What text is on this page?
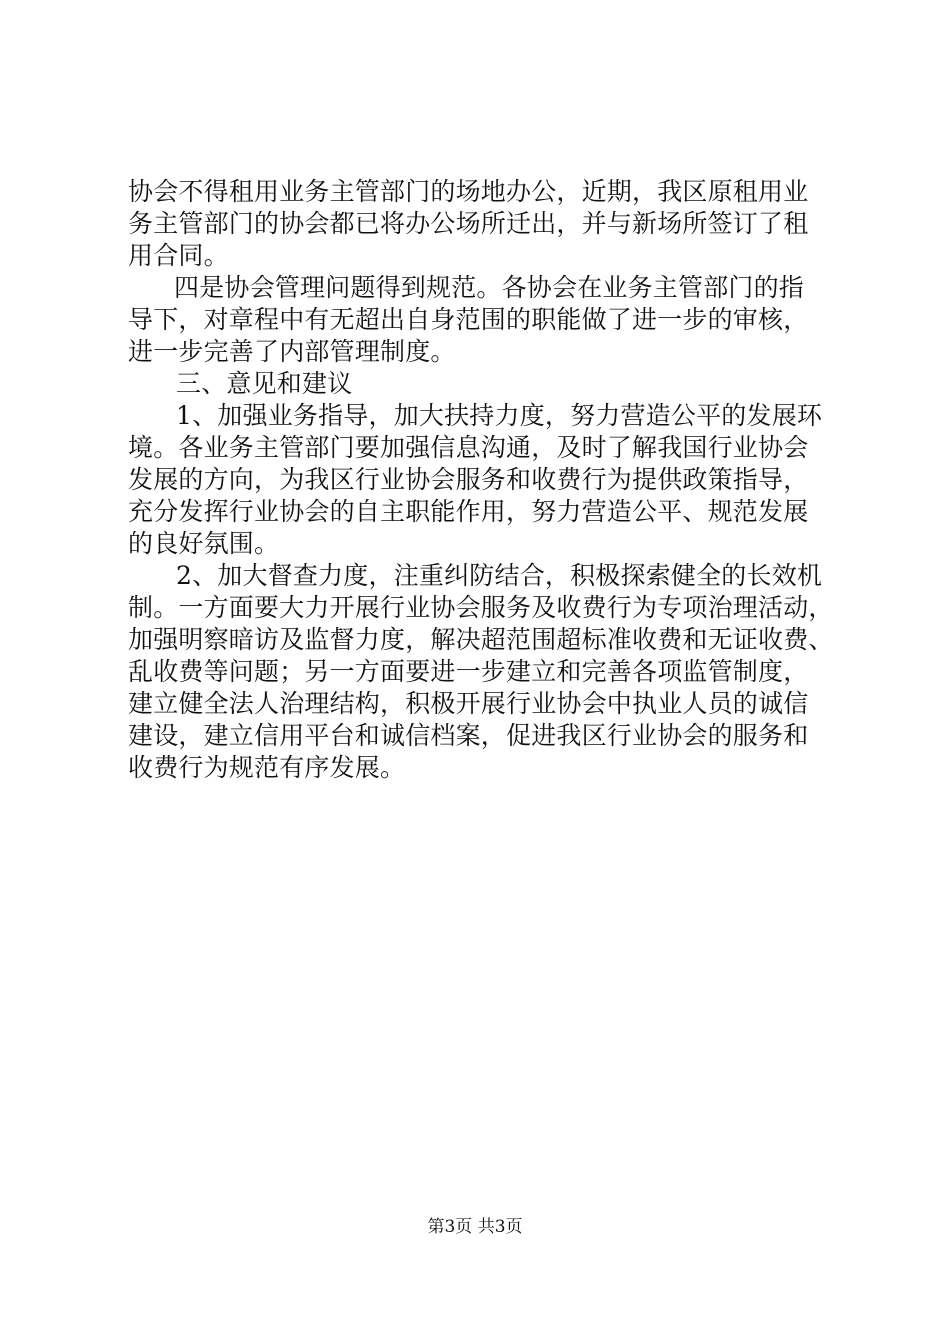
协会不得租用业务主管部门的场地办公，近期，我区原租用业
务主管部门的协会都已将办公场所迁出，并与新场所签订了租
用合同。
四是协会管理问题得到规范。各协会在业务主管部门的指
导下，对章程中有无超出自身范围的职能做了进一步的审核，
进一步完善了内部管理制度。
三、意见和建议
1、加强业务指导，加大扶持力度，努力营造公平的发展环
境。各业务主管部门要加强信息沟通，及时了解我国行业协会
发展的方向，为我区行业协会服务和收费行为提供政策指导，
充分发挥行业协会的自主职能作用，努力营造公平、规范发展
的良好氛围。
2、加大督查力度，注重纠防结合，积极探索健全的长效机
制。一方面要大力开展行业协会服务及收费行为专项治理活动，
加强明察暗访及监督力度，解决超范围超标准收费和无证收费、
乱收费等问题；另一方面要进一步建立和完善各项监管制度，
建立健全法人治理结构，积极开展行业协会中执业人员的诚信
建设，建立信用平台和诚信档案，促进我区行业协会的服务和
收费行为规范有序发展。
第3页 共3页
